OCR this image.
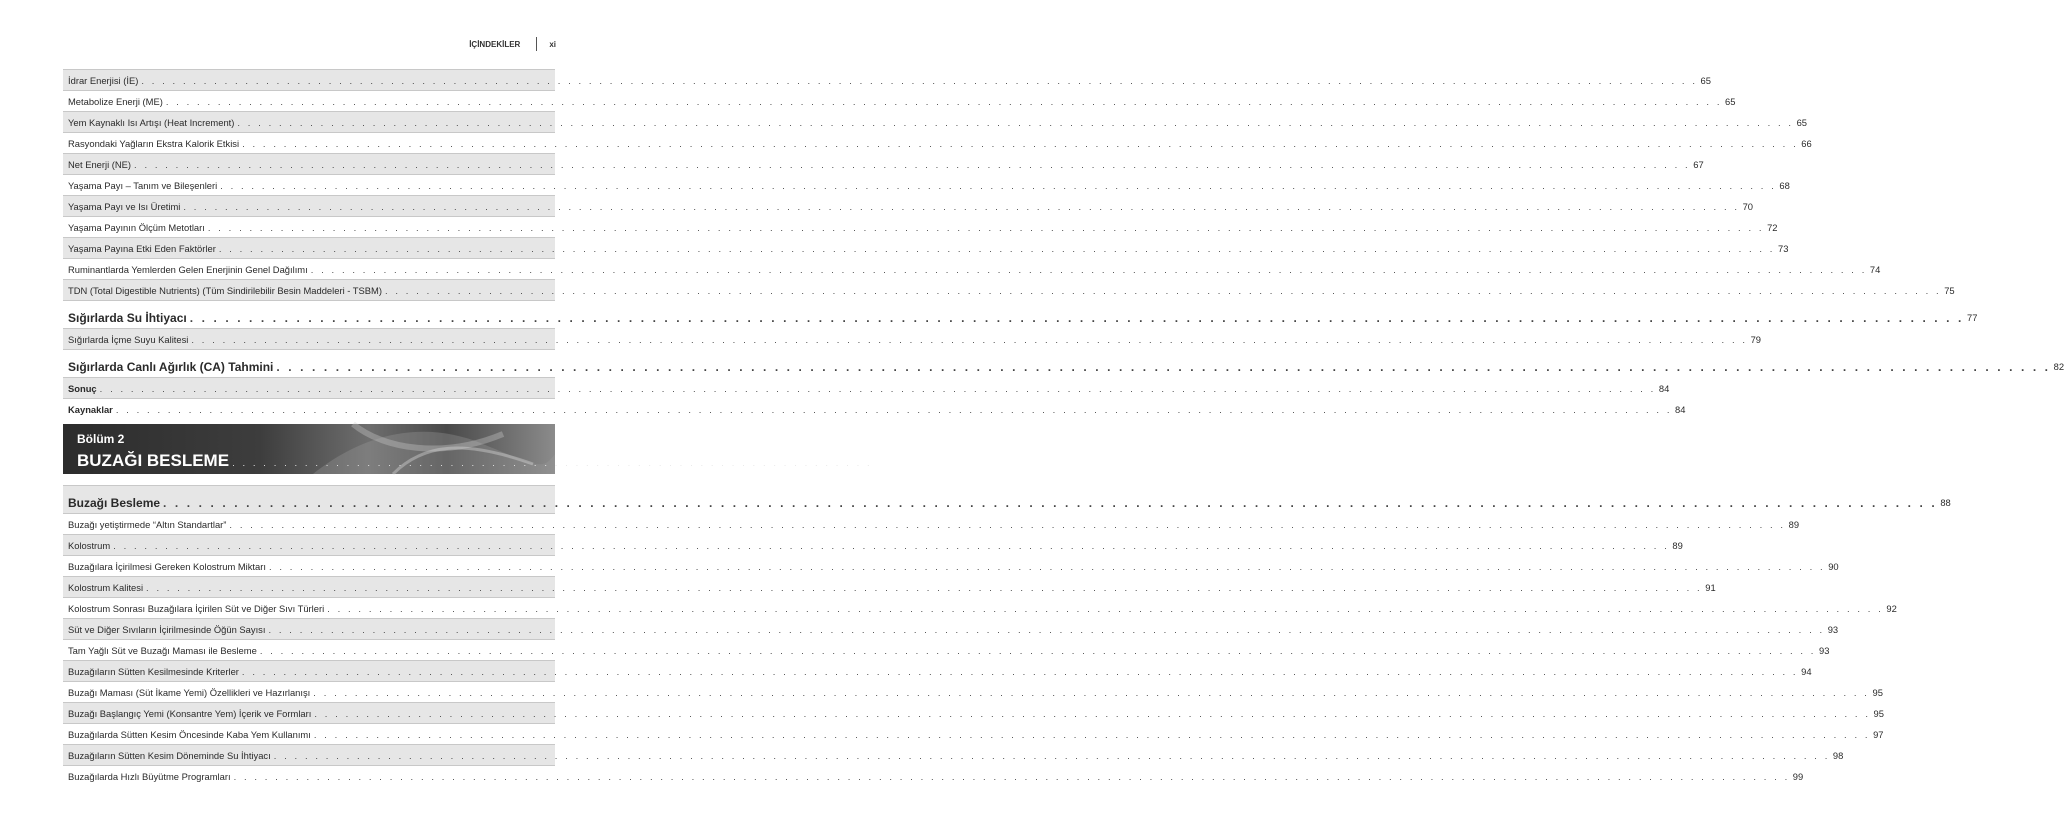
İÇİNDEKİLER	xi
İdrar Enerjisi (İE) . . . . . . . . . . . . . . . . . . . . . . . . . . . . . . . . . . . . . . . . . . . . . . . . . . . . . . . . . . . . . . . . . . . . . . . . . . . . . . . . . . . . . . . . . . . . . . . . . . . . . . . . . . . . . . . . . . . . . . . . . . . . . . . . . . . . . . . . . . . . . . . . . . . . . . 65
Metabolize Enerji (ME) . . . . . . . . . . . . . . . . . . . . . . . . . . . . . . . . . . . . . . . . . . . . . . . . . . . . . . . . . . . . . . . . . . . . . . . . . . . . . . . . . . . . . . . . . . . . . . . . . . . . . . . . . . . . . . . . . . . . . . . . . . . . . . . . . . . . . . . . . . . . . . . . . . . . . . 65
Yem Kaynaklı Isı Artışı (Heat Increment) . . . . . . . . . . . . . . . . . . . . . . . . . . . . . . . . . . . . . . . . . . . . . . . . . . . . . . . . . . . . . . . . . . . . . . . . . . . . . . . . . . . . . . . . . . . . . . . . . . . . . . . . . . . . . . . . . . . . . . . . . . . . . . . . . . . . . . . . . . . . . . . . . . . . . . 65
Rasyondaki Yağların Ekstra Kalorik Etkisi . . . . . . . . . . . . . . . . . . . . . . . . . . . . . . . . . . . . . . . . . . . . . . . . . . . . . . . . . . . . . . . . . . . . . . . . . . . . . . . . . . . . . . . . . . . . . . . . . . . . . . . . . . . . . . . . . . . . . . . . . . . . . . . . . . . . . . . . . . . . . . . . . . . . . . 66
Net Enerji (NE) . . . . . . . . . . . . . . . . . . . . . . . . . . . . . . . . . . . . . . . . . . . . . . . . . . . . . . . . . . . . . . . . . . . . . . . . . . . . . . . . . . . . . . . . . . . . . . . . . . . . . . . . . . . . . . . . . . . . . . . . . . . . . . . . . . . . . . . . . . . . . . . . . . . . . . 67
Yaşama Payı – Tanım ve Bileşenleri . . . . . . . . . . . . . . . . . . . . . . . . . . . . . . . . . . . . . . . . . . . . . . . . . . . . . . . . . . . . . . . . . . . . . . . . . . . . . . . . . . . . . . . . . . . . . . . . . . . . . . . . . . . . . . . . . . . . . . . . . . . . . . . . . . . . . . . . . . . . . . . . . . . . . . 68
Yaşama Payı ve Isı Üretimi . . . . . . . . . . . . . . . . . . . . . . . . . . . . . . . . . . . . . . . . . . . . . . . . . . . . . . . . . . . . . . . . . . . . . . . . . . . . . . . . . . . . . . . . . . . . . . . . . . . . . . . . . . . . . . . . . . . . . . . . . . . . . . . . . . . . . . . . . . . . . . . . . . . . . . 70
Yaşama Payının Ölçüm Metotları . . . . . . . . . . . . . . . . . . . . . . . . . . . . . . . . . . . . . . . . . . . . . . . . . . . . . . . . . . . . . . . . . . . . . . . . . . . . . . . . . . . . . . . . . . . . . . . . . . . . . . . . . . . . . . . . . . . . . . . . . . . . . . . . . . . . . . . . . . . . . . . . . . . . . . 72
Yaşama Payına Etki Eden Faktörler . . . . . . . . . . . . . . . . . . . . . . . . . . . . . . . . . . . . . . . . . . . . . . . . . . . . . . . . . . . . . . . . . . . . . . . . . . . . . . . . . . . . . . . . . . . . . . . . . . . . . . . . . . . . . . . . . . . . . . . . . . . . . . . . . . . . . . . . . . . . . . . . . . . . . . 73
Ruminantlarda Yemlerden Gelen Enerjinin Genel Dağılımı . . . . . . . . . . . . . . . . . . . . . . . . . . . . . . . . . . . . . . . . . . . . . . . . . . . . . . . . . . . . . . . . . . . . . . . . . . . . . . . . . . . . . . . . . . . . . . . . . . . . . . . . . . . . . . . . . . . . . . . . . . . . . . . . . . . . . . . . . . . . . . . . . . . . . . 74
TDN (Total Digestible Nutrients) (Tüm Sindirilebilir Besin Maddeleri - TSBM) . . . . . . . . . . . . . . . . . . . . . . . . . . . . . . . . . . . . . . . . . . . . . . . . . . . . . . . . . . . . . . . . . . . . . . . . . . . . . . . . . . . . . . . . . . . . . . . . . . . . . . . . . . . . . . . . . . . . . . . . . . . . . . . . . . . . . . . . . . . . . . . . . . . . . . 75
Sığırlarda Su İhtiyacı . . . . . . . . . . . . . . . . . . . . . . . . . . . . . . . . . . . . . . . . . . . . . . . . . . . . . . . . . . . . . . . . . . . . . . . . . . . . . . . . . . . . . . . . . . . . . . . . . . . . . . . . . . . . . . . . . . . . . . . . . . . . . . . . . . . . . . . . . . . . . . . . . . . . . . 77
Sığırlarda İçme Suyu Kalitesi . . . . . . . . . . . . . . . . . . . . . . . . . . . . . . . . . . . . . . . . . . . . . . . . . . . . . . . . . . . . . . . . . . . . . . . . . . . . . . . . . . . . . . . . . . . . . . . . . . . . . . . . . . . . . . . . . . . . . . . . . . . . . . . . . . . . . . . . . . . . . . . . . . . . . . 79
Sığırlarda Canlı Ağırlık (CA) Tahmini . . . . . . . . . . . . . . . . . . . . . . . . . . . . . . . . . . . . . . . . . . . . . . . . . . . . . . . . . . . . . . . . . . . . . . . . . . . . . . . . . . . . . . . . . . . . . . . . . . . . . . . . . . . . . . . . . . . . . . . . . . . . . . . . . . . . . . . . . . . . . . . . . . . . . . 82
Sonuç . . . . . . . . . . . . . . . . . . . . . . . . . . . . . . . . . . . . . . . . . . . . . . . . . . . . . . . . . . . . . . . . . . . . . . . . . . . . . . . . . . . . . . . . . . . . . . . . . . . . . . . . . . . . . . . . . . . . . . . . . . . . . . . . . . . . . . . . . . . . . . . . . . . . . . 84
Kaynaklar . . . . . . . . . . . . . . . . . . . . . . . . . . . . . . . . . . . . . . . . . . . . . . . . . . . . . . . . . . . . . . . . . . . . . . . . . . . . . . . . . . . . . . . . . . . . . . . . . . . . . . . . . . . . . . . . . . . . . . . . . . . . . . . . . . . . . . . . . . . . . . . . . . . . . . 84
Bölüm 2
BUZAĞI BESLEME . . . . . . . . . . . . . . . . . . . . . . . . . . . . . . . . . . . . . . . . . . . . . . . . . . . . . . . . . . . . . . 87
Buzağı Besleme . . . . . . . . . . . . . . . . . . . . . . . . . . . . . . . . . . . . . . . . . . . . . . . . . . . . . . . . . . . . . . . . . . . . . . . . . . . . . . . . . . . . . . . . . . . . . . . . . . . . . . . . . . . . . . . . . . . . . . . . . . . . . . . . . . . . . . . . . . . . . . . . . . . . . . 88
Buzağı yetiştirmede “Altın Standartlar” . . . . . . . . . . . . . . . . . . . . . . . . . . . . . . . . . . . . . . . . . . . . . . . . . . . . . . . . . . . . . . . . . . . . . . . . . . . . . . . . . . . . . . . . . . . . . . . . . . . . . . . . . . . . . . . . . . . . . . . . . . . . . . . . . . . . . . . . . . . . . . . . . . . . . . 89
Kolostrum . . . . . . . . . . . . . . . . . . . . . . . . . . . . . . . . . . . . . . . . . . . . . . . . . . . . . . . . . . . . . . . . . . . . . . . . . . . . . . . . . . . . . . . . . . . . . . . . . . . . . . . . . . . . . . . . . . . . . . . . . . . . . . . . . . . . . . . . . . . . . . . . . . . . . . 89
Buzağılara İçirilmesi Gereken Kolostrum Miktarı . . . . . . . . . . . . . . . . . . . . . . . . . . . . . . . . . . . . . . . . . . . . . . . . . . . . . . . . . . . . . . . . . . . . . . . . . . . . . . . . . . . . . . . . . . . . . . . . . . . . . . . . . . . . . . . . . . . . . . . . . . . . . . . . . . . . . . . . . . . . . . . . . . . . . . 90
Kolostrum Kalitesi . . . . . . . . . . . . . . . . . . . . . . . . . . . . . . . . . . . . . . . . . . . . . . . . . . . . . . . . . . . . . . . . . . . . . . . . . . . . . . . . . . . . . . . . . . . . . . . . . . . . . . . . . . . . . . . . . . . . . . . . . . . . . . . . . . . . . . . . . . . . . . . . . . . . . . 91
Kolostrum Sonrası Buzağılara İçirilen Süt ve Diğer Sıvı Türleri . . . . . . . . . . . . . . . . . . . . . . . . . . . . . . . . . . . . . . . . . . . . . . . . . . . . . . . . . . . . . . . . . . . . . . . . . . . . . . . . . . . . . . . . . . . . . . . . . . . . . . . . . . . . . . . . . . . . . . . . . . . . . . . . . . . . . . . . . . . . . . . . . . . . . . 92
Süt ve Diğer Sıvıların İçirilmesinde Öğün Sayısı . . . . . . . . . . . . . . . . . . . . . . . . . . . . . . . . . . . . . . . . . . . . . . . . . . . . . . . . . . . . . . . . . . . . . . . . . . . . . . . . . . . . . . . . . . . . . . . . . . . . . . . . . . . . . . . . . . . . . . . . . . . . . . . . . . . . . . . . . . . . . . . . . . . . . . 93
Tam Yağlı Süt ve Buzağı Maması ile Besleme . . . . . . . . . . . . . . . . . . . . . . . . . . . . . . . . . . . . . . . . . . . . . . . . . . . . . . . . . . . . . . . . . . . . . . . . . . . . . . . . . . . . . . . . . . . . . . . . . . . . . . . . . . . . . . . . . . . . . . . . . . . . . . . . . . . . . . . . . . . . . . . . . . . . . . 93
Buzağıların Sütten Kesilmesinde Kriterler . . . . . . . . . . . . . . . . . . . . . . . . . . . . . . . . . . . . . . . . . . . . . . . . . . . . . . . . . . . . . . . . . . . . . . . . . . . . . . . . . . . . . . . . . . . . . . . . . . . . . . . . . . . . . . . . . . . . . . . . . . . . . . . . . . . . . . . . . . . . . . . . . . . . . . 94
Buzağı Maması (Süt İkame Yemi) Özellikleri ve Hazırlanışı . . . . . . . . . . . . . . . . . . . . . . . . . . . . . . . . . . . . . . . . . . . . . . . . . . . . . . . . . . . . . . . . . . . . . . . . . . . . . . . . . . . . . . . . . . . . . . . . . . . . . . . . . . . . . . . . . . . . . . . . . . . . . . . . . . . . . . . . . . . . . . . . . . . . . . 95
Buzağı Başlangıç Yemi (Konsantre Yem) İçerik ve Formları . . . . . . . . . . . . . . . . . . . . . . . . . . . . . . . . . . . . . . . . . . . . . . . . . . . . . . . . . . . . . . . . . . . . . . . . . . . . . . . . . . . . . . . . . . . . . . . . . . . . . . . . . . . . . . . . . . . . . . . . . . . . . . . . . . . . . . . . . . . . . . . . . . . . . . 95
Buzağılarda Sütten Kesim Öncesinde Kaba Yem Kullanımı . . . . . . . . . . . . . . . . . . . . . . . . . . . . . . . . . . . . . . . . . . . . . . . . . . . . . . . . . . . . . . . . . . . . . . . . . . . . . . . . . . . . . . . . . . . . . . . . . . . . . . . . . . . . . . . . . . . . . . . . . . . . . . . . . . . . . . . . . . . . . . . . . . . . . . 97
Buzağıların Sütten Kesim Döneminde Su İhtiyacı . . . . . . . . . . . . . . . . . . . . . . . . . . . . . . . . . . . . . . . . . . . . . . . . . . . . . . . . . . . . . . . . . . . . . . . . . . . . . . . . . . . . . . . . . . . . . . . . . . . . . . . . . . . . . . . . . . . . . . . . . . . . . . . . . . . . . . . . . . . . . . . . . . . . . . 98
Buzağılarda Hızlı Büyütme Programları . . . . . . . . . . . . . . . . . . . . . . . . . . . . . . . . . . . . . . . . . . . . . . . . . . . . . . . . . . . . . . . . . . . . . . . . . . . . . . . . . . . . . . . . . . . . . . . . . . . . . . . . . . . . . . . . . . . . . . . . . . . . . . . . . . . . . . . . . . . . . . . . . . . . . . 99
